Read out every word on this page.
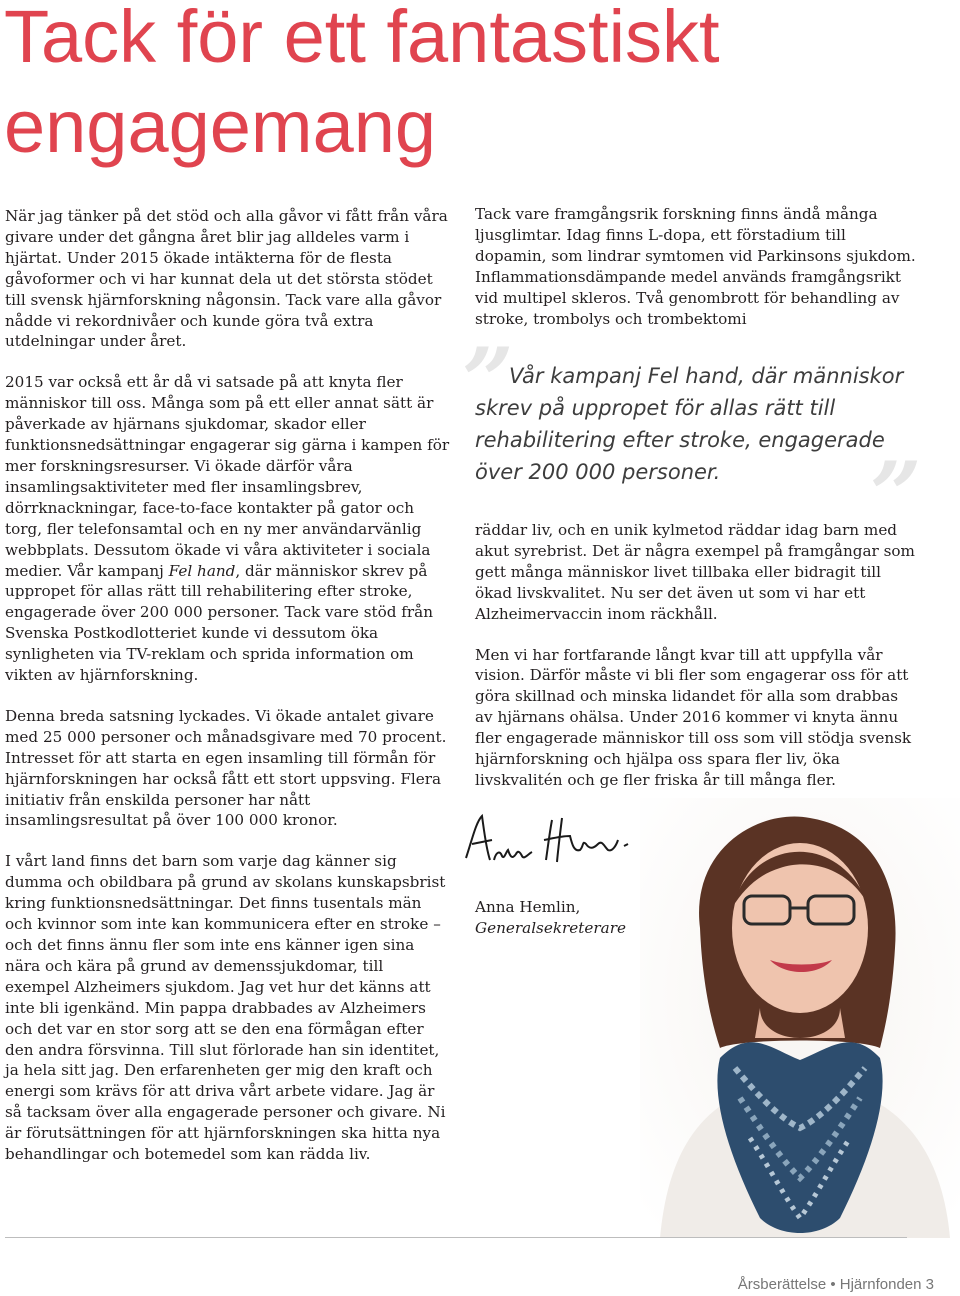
Tack för ett fantastiskt engagemang

När jag tänker på det stöd och alla gåvor vi fått från våra givare under det gångna året blir jag alldeles varm i hjärtat. Under 2015 ökade intäkterna för de flesta gåvoformer och vi har kunnat dela ut det största stödet till svensk hjärnforskning någonsin. Tack vare alla gåvor nådde vi rekordnivåer och kunde göra två extra utdelningar under året.

2015 var också ett år då vi satsade på att knyta fler människor till oss. Många som på ett eller annat sätt är påverkade av hjärnans sjukdomar, skador eller funktionsnedsättningar engagerar sig gärna i kampen för mer forskningsresurser. Vi ökade därför våra insamlingsaktiviteter med fler insamlingsbrev, dörrknackningar, face-to-face kontakter på gator och torg, fler telefonsamtal och en ny mer användarvänlig webbplats. Dessutom ökade vi våra aktiviteter i sociala medier. Vår kampanj Fel hand, där människor skrev på uppropet för allas rätt till rehabilitering efter stroke, engagerade över 200 000 personer. Tack vare stöd från Svenska Postkodlotteriet kunde vi dessutom öka synligheten via TV-reklam och sprida information om vikten av hjärnforskning.

Denna breda satsning lyckades. Vi ökade antalet givare med 25 000 personer och månadsgivare med 70 procent. Intresset för att starta en egen insamling till förmån för hjärnforskningen har också fått ett stort uppsving. Flera initiativ från enskilda personer har nått insamlingsresultat på över 100 000 kronor.

I vårt land finns det barn som varje dag känner sig dumma och obildbara på grund av skolans kunskapsbrist kring funktionsnedsättningar. Det finns tusentals män och kvinnor som inte kan kommunicera efter en stroke – och det finns ännu fler som inte ens känner igen sina nära och kära på grund av demenssjukdomar, till exempel Alzheimers sjukdom. Jag vet hur det känns att inte bli igenkänd. Min pappa drabbades av Alzheimers och det var en stor sorg att se den ena förmågan efter den andra försvinna. Till slut förlorade han sin identitet, ja hela sitt jag. Den erfarenheten ger mig den kraft och energi som krävs för att driva vårt arbete vidare. Jag är så tacksam över alla engagerade personer och givare. Ni är förutsättningen för att hjärnforskningen ska hitta nya behandlingar och botemedel som kan rädda liv.

Tack vare framgångsrik forskning finns ändå många ljusglimtar. Idag finns L-dopa, ett förstadium till dopamin, som lindrar symtomen vid Parkinsons sjukdom. Inflammationsdämpande medel används framgångsrikt vid multipel skleros. Två genombrott för behandling av stroke, trombolys och trombektomi

”
Vår kampanj Fel hand, där människor skrev på uppropet för allas rätt till rehabilitering efter stroke, engagerade över 200 000 personer.	”

räddar liv, och en unik kylmetod räddar idag barn med akut syrebrist. Det är några exempel på framgångar som gett många människor livet tillbaka eller bidragit till ökad livskvalitet. Nu ser det även ut som vi har ett Alzheimervaccin inom räckhåll.

Men vi har fortfarande långt kvar till att uppfylla vår vision. Därför måste vi bli fler som engagerar oss för att göra skillnad och minska lidandet för alla som drabbas av hjärnans ohälsa. Under 2016 kommer vi knyta ännu fler engagerade människor till oss som vill stödja svensk hjärnforskning och hjälpa oss spara fler liv, öka livskvalitén och ge fler friska år till många fler.

Anna Hemlin,
Generalsekreterare
Årsberättelse • Hjärnfonden 3
